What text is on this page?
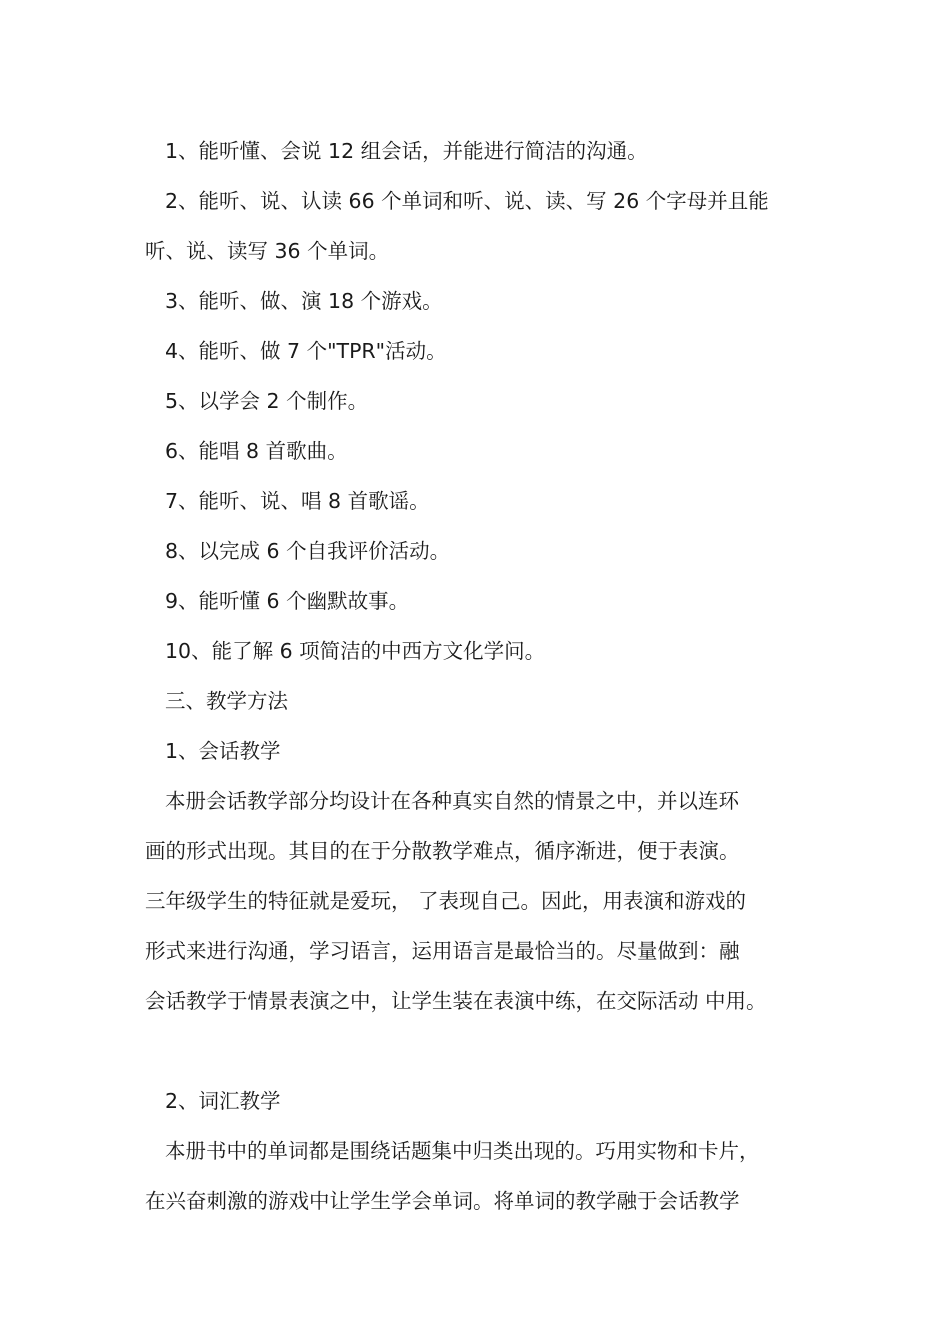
1、能听懂、会说 12 组会话，并能进行简洁的沟通。

2、能听、说、认读 66 个单词和听、说、读、写 26 个字母并且能

听、说、读写 36 个单词。

3、能听、做、演 18 个游戏。

4、能听、做 7 个"TPR"活动。

5、以学会 2 个制作。

6、能唱 8 首歌曲。

7、能听、说、唱 8 首歌谣。

8、以完成 6 个自我评价活动。

9、能听懂 6 个幽默故事。

10、能了解 6 项简洁的中西方文化学问。

三、教学方法

1、会话教学

本册会话教学部分均设计在各种真实自然的情景之中，并以连环

画的形式出现。其目的在于分散教学难点，循序渐进，便于表演。

三年级学生的特征就是爱玩， 了表现自己。因此，用表演和游戏的

形式来进行沟通，学习语言，运用语言是最恰当的。尽量做到：融

会话教学于情景表演之中，让学生装在表演中练，在交际活动 中用。

2、词汇教学

本册书中的单词都是围绕话题集中归类出现的。巧用实物和卡片，

在兴奋刺激的游戏中让学生学会单词。将单词的教学融于会话教学
